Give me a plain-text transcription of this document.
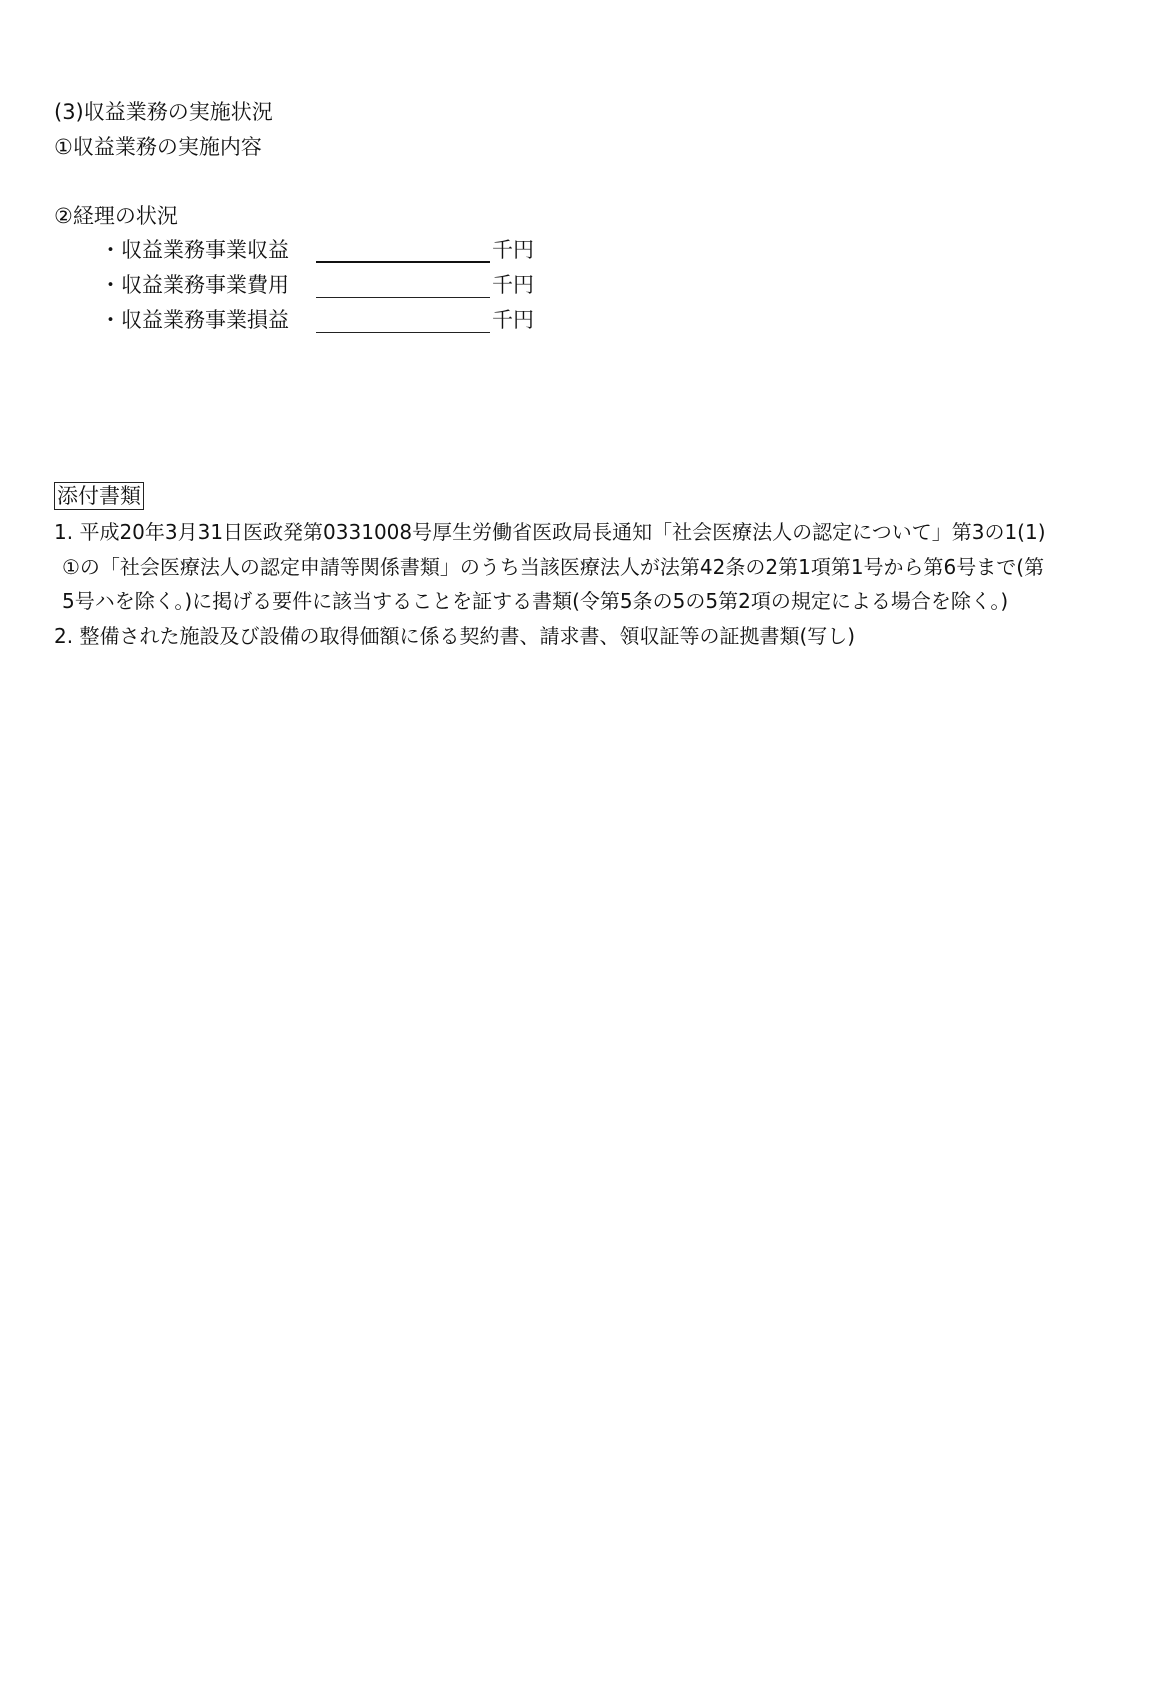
(3)収益業務の実施状況
①収益業務の実施内容
②経理の状況
・収益業務事業収益	千円
・収益業務事業費用	千円
・収益業務事業損益	千円
添付書類
1. 平成20年3月31日医政発第0331008号厚生労働省医政局長通知「社会医療法人の認定について」第3の1(1)
①の「社会医療法人の認定申請等関係書類」のうち当該医療法人が法第42条の2第1項第1号から第6号まで(第
5号ハを除く。)に掲げる要件に該当することを証する書類(令第5条の5の5第2項の規定による場合を除く。)
2. 整備された施設及び設備の取得価額に係る契約書、請求書、領収証等の証拠書類(写し)
